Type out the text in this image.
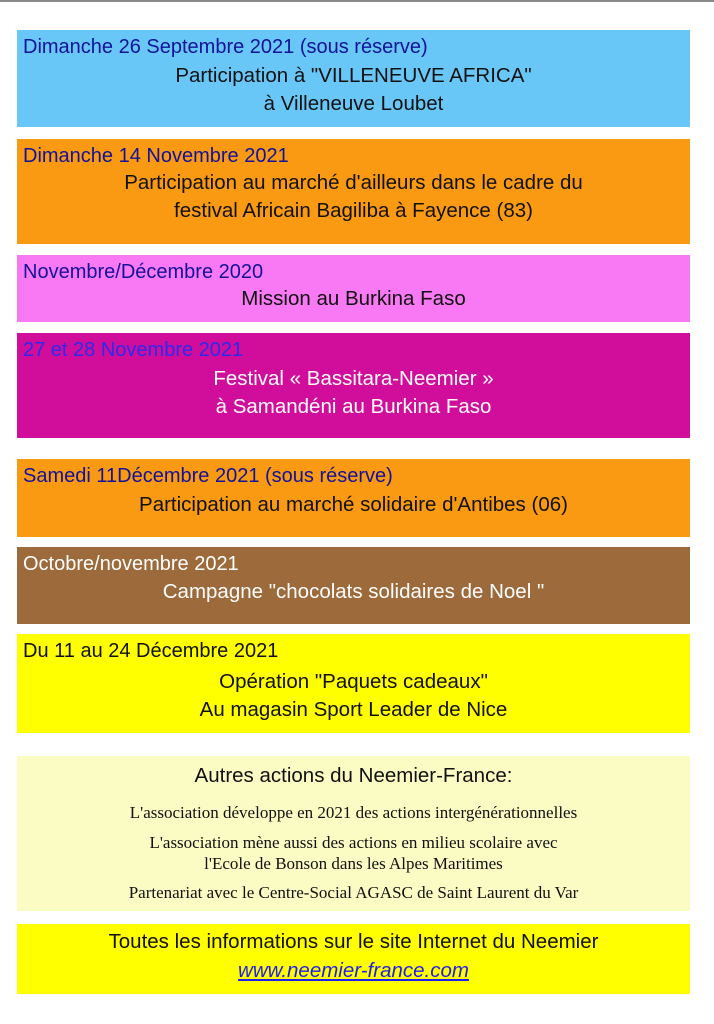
Dimanche 26 Septembre 2021 (sous réserve)
Participation à "VILLENEUVE AFRICA"
à Villeneuve Loubet
Dimanche 14 Novembre 2021
Participation au marché d'ailleurs dans le cadre du
festival Africain Bagiliba à Fayence (83)
Novembre/Décembre 2020
Mission au Burkina Faso
27 et 28 Novembre 2021
Festival « Bassitara-Neemier »
à Samandéni au Burkina Faso
Samedi 11Décembre 2021 (sous réserve)
Participation au marché solidaire d'Antibes (06)
Octobre/novembre 2021
Campagne "chocolats solidaires de Noel "
Du 11 au 24 Décembre 2021
Opération "Paquets cadeaux"
Au magasin Sport Leader de Nice
Autres actions du Neemier-France:
L'association développe en 2021 des actions intergénérationnelles
L'association mène aussi des actions en milieu scolaire avec
l'Ecole de Bonson dans les Alpes Maritimes
Partenariat avec le Centre-Social AGASC de Saint Laurent du Var
Toutes les informations sur le site Internet du Neemier
www.neemier-france.com
